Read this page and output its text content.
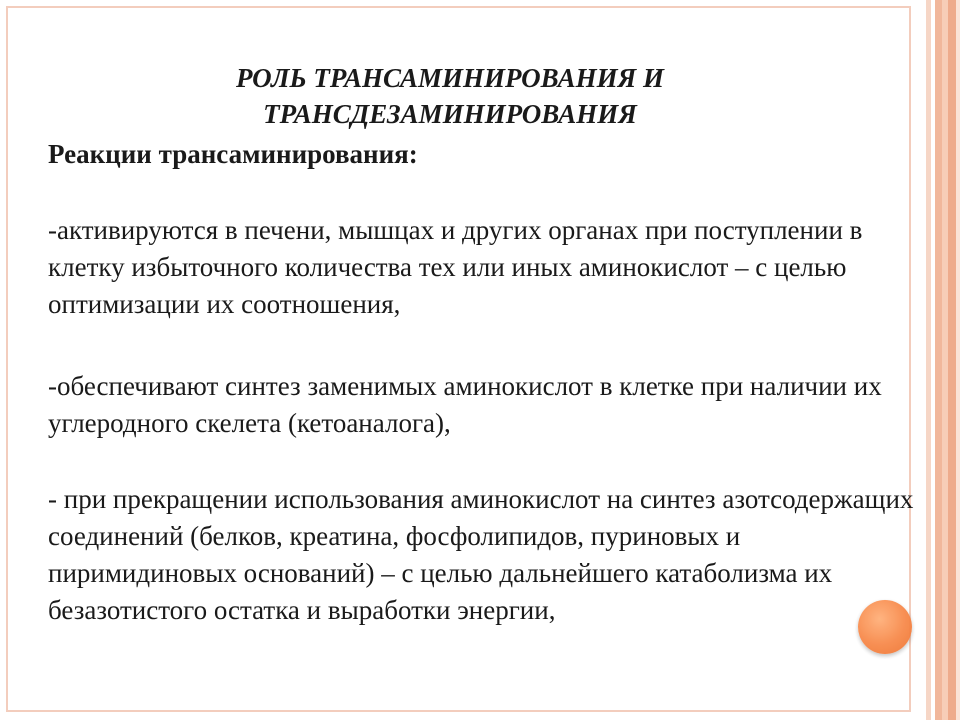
РОЛЬ ТРАНСАМИНИРОВАНИЯ И ТРАНСДЕЗАМИНИРОВАНИЯ
Реакции трансаминирования:

-активируются в печени, мышцах и других органах при поступлении в клетку избыточного количества тех или иных аминокислот – с целью оптимизации их соотношения,

-обеспечивают синтез заменимых аминокислот в клетке при наличии их углеродного скелета (кетоаналога),

- при прекращении использования аминокислот на синтез азотсодержащих соединений (белков, креатина, фосфолипидов, пуриновых и пиримидиновых оснований) – с целью дальнейшего катаболизма их безазотистого остатка и выработки энергии,
